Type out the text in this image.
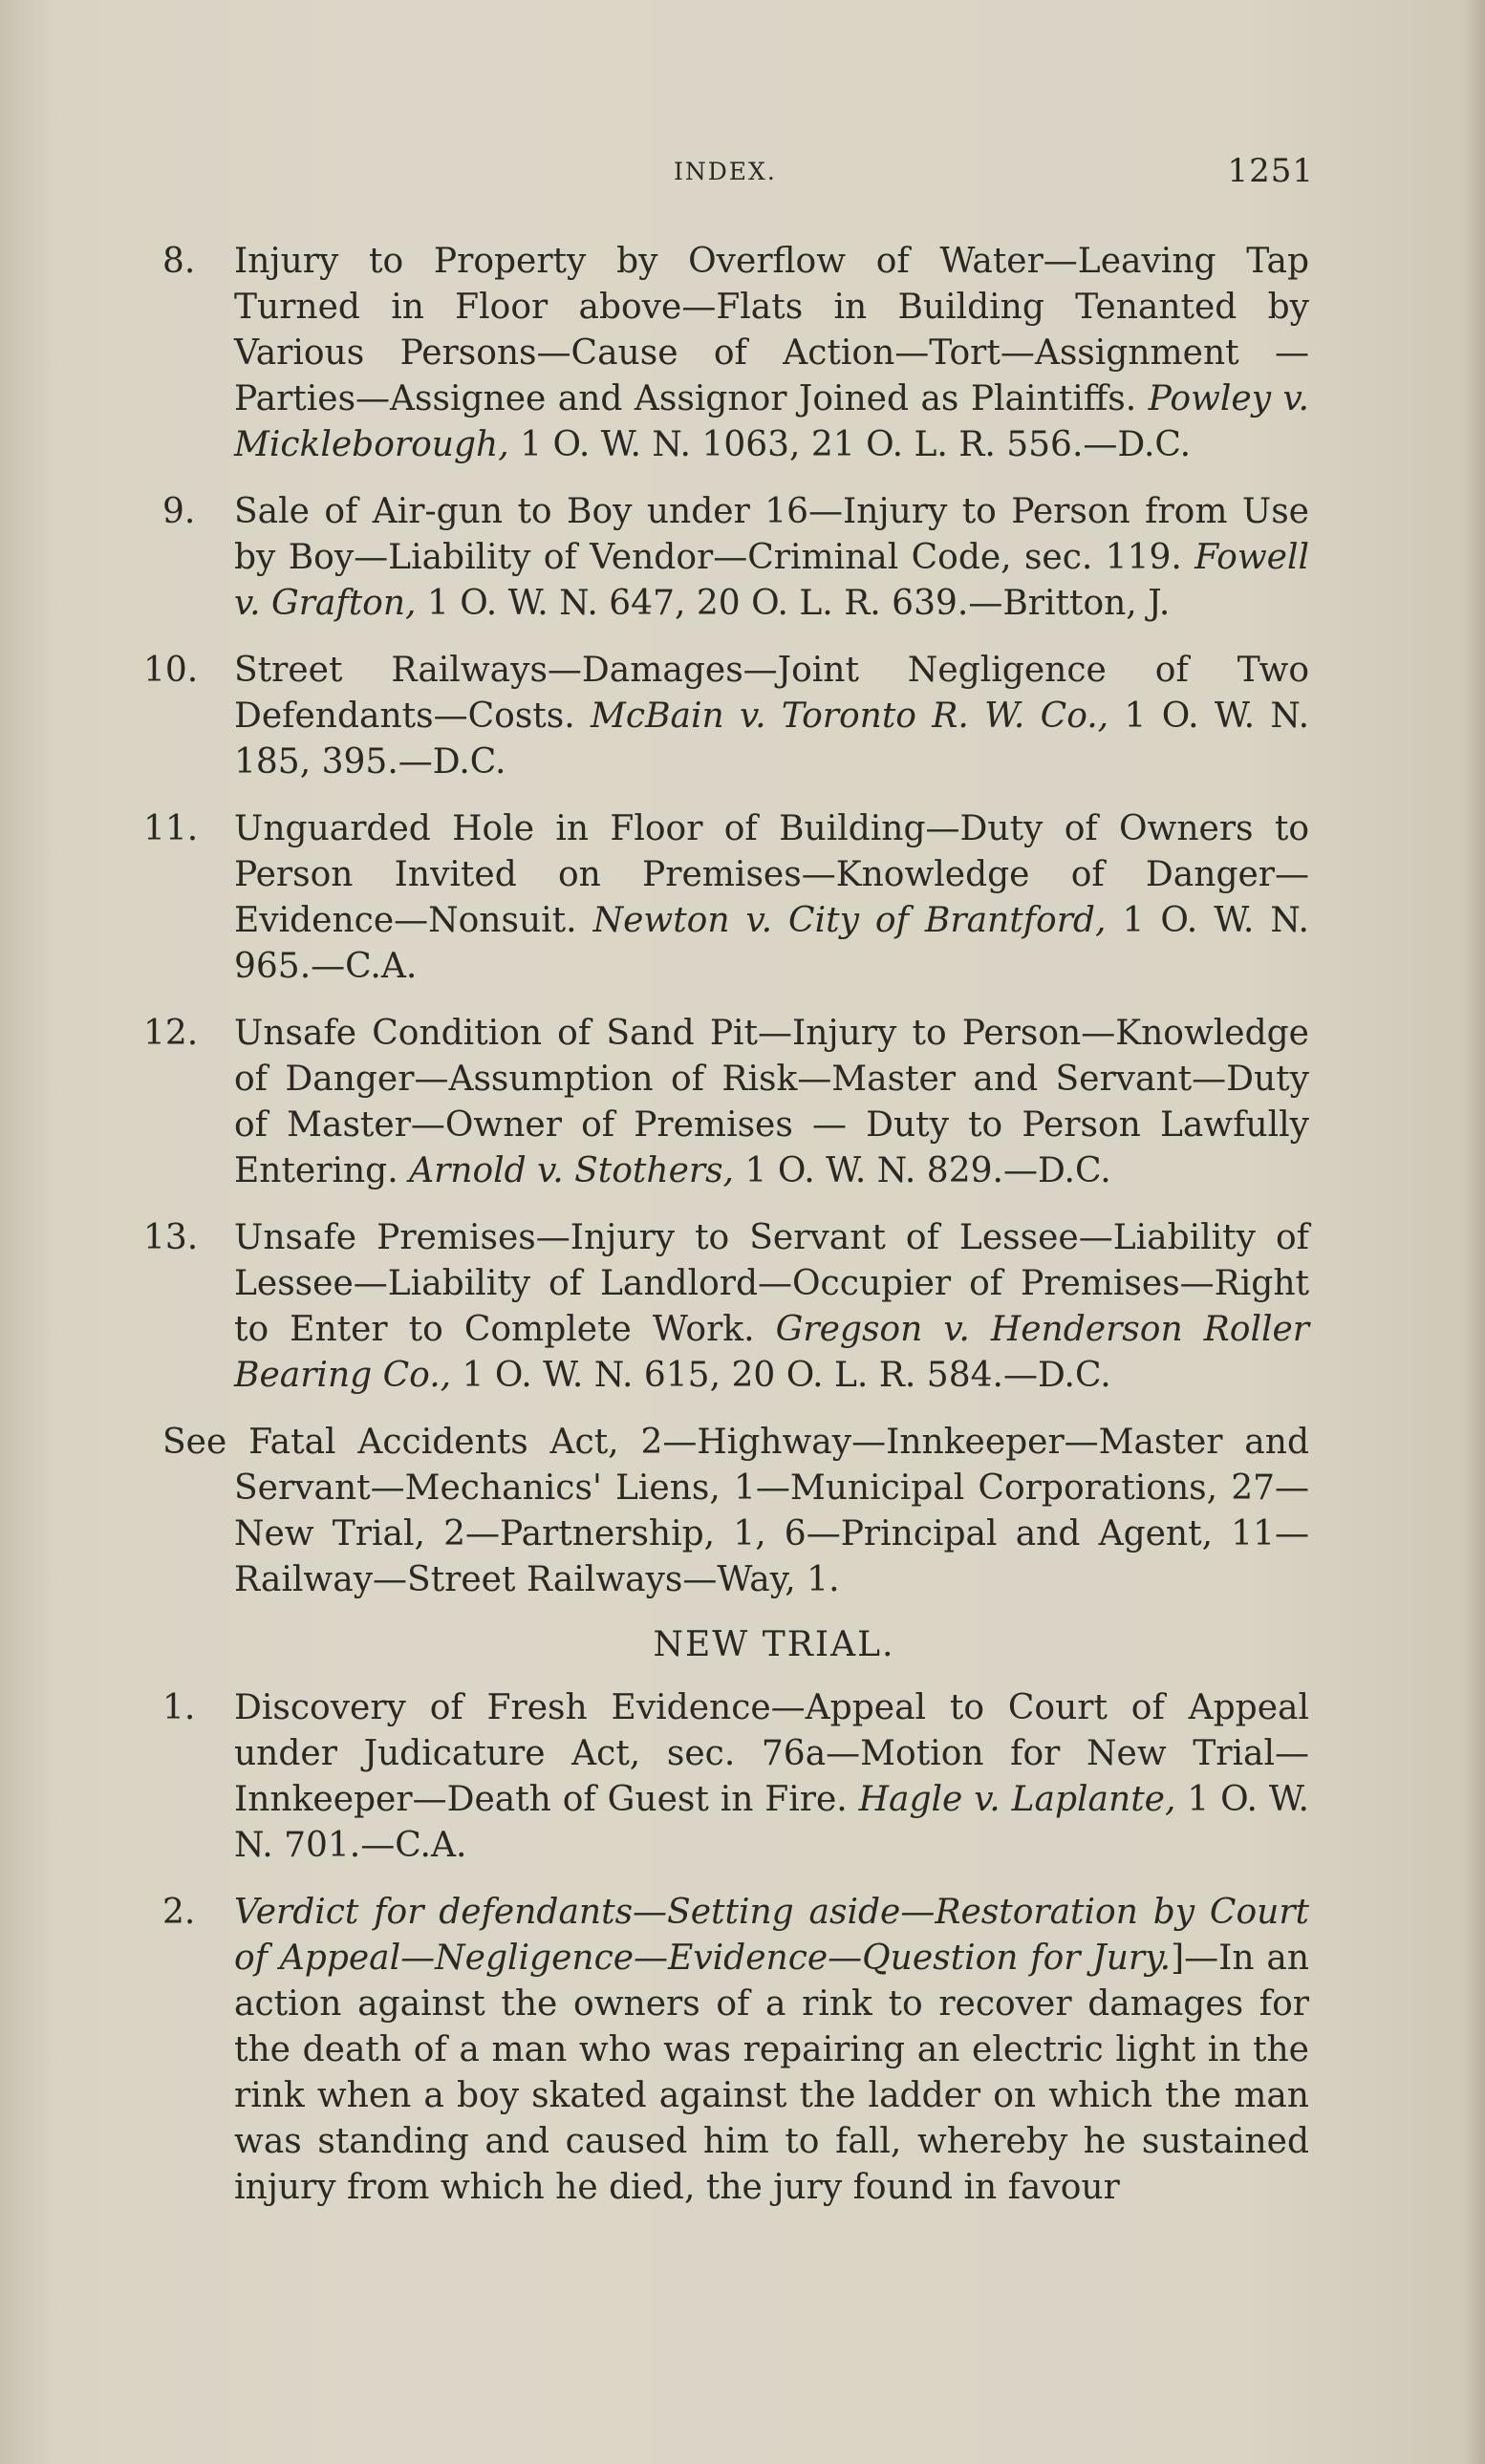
INDEX.	1251
8. Injury to Property by Overflow of Water—Leaving Tap Turned in Floor above—Flats in Building Tenanted by Various Persons—Cause of Action—Tort—Assignment — Parties—Assignee and Assignor Joined as Plaintiffs. Powley v. Mickleborough, 1 O. W. N. 1063, 21 O. L. R. 556.—D.C.
9. Sale of Air-gun to Boy under 16—Injury to Person from Use by Boy—Liability of Vendor—Criminal Code, sec. 119. Fowell v. Grafton, 1 O. W. N. 647, 20 O. L. R. 639.—Britton, J.
10. Street Railways—Damages—Joint Negligence of Two Defendants—Costs. McBain v. Toronto R. W. Co., 1 O. W. N. 185, 395.—D.C.
11. Unguarded Hole in Floor of Building—Duty of Owners to Person Invited on Premises—Knowledge of Danger—Evidence—Nonsuit. Newton v. City of Brantford, 1 O. W. N. 965.—C.A.
12. Unsafe Condition of Sand Pit—Injury to Person—Knowledge of Danger—Assumption of Risk—Master and Servant—Duty of Master—Owner of Premises — Duty to Person Lawfully Entering. Arnold v. Stothers, 1 O. W. N. 829.—D.C.
13. Unsafe Premises—Injury to Servant of Lessee—Liability of Lessee—Liability of Landlord—Occupier of Premises—Right to Enter to Complete Work. Gregson v. Henderson Roller Bearing Co., 1 O. W. N. 615, 20 O. L. R. 584.—D.C.
See Fatal Accidents Act, 2—Highway—Innkeeper—Master and Servant—Mechanics' Liens, 1—Municipal Corporations, 27—New Trial, 2—Partnership, 1, 6—Principal and Agent, 11—Railway—Street Railways—Way, 1.
NEW TRIAL.
1. Discovery of Fresh Evidence—Appeal to Court of Appeal under Judicature Act, sec. 76a—Motion for New Trial—Innkeeper—Death of Guest in Fire. Hagle v. Laplante, 1 O. W. N. 701.—C.A.
2. Verdict for defendants—Setting aside—Restoration by Court of Appeal—Negligence—Evidence—Question for Jury.]—In an action against the owners of a rink to recover damages for the death of a man who was repairing an electric light in the rink when a boy skated against the ladder on which the man was standing and caused him to fall, whereby he sustained injury from which he died, the jury found in favour
